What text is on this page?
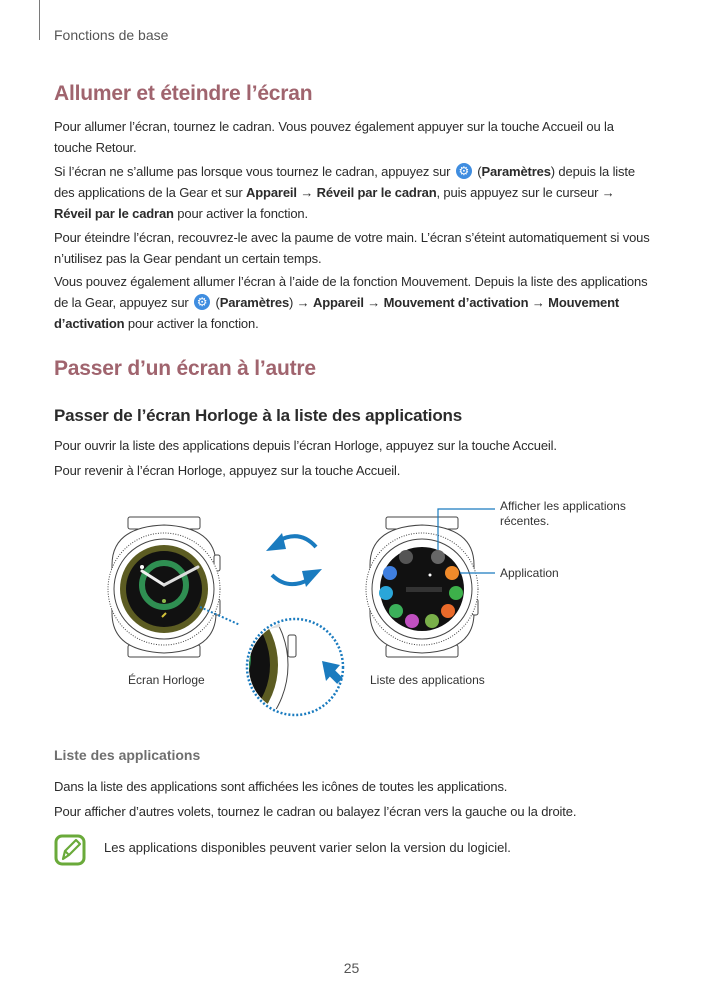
Fonctions de base
Allumer et éteindre l’écran
Pour allumer l’écran, tournez le cadran. Vous pouvez également appuyer sur la touche Accueil ou la touche Retour.
Si l’écran ne s’allume pas lorsque vous tournez le cadran, appuyez sur ⚙ (Paramètres) depuis la liste des applications de la Gear et sur Appareil → Réveil par le cadran, puis appuyez sur le curseur → Réveil par le cadran pour activer la fonction.
Pour éteindre l’écran, recouvrez-le avec la paume de votre main. L’écran s’éteint automatiquement si vous n’utilisez pas la Gear pendant un certain temps.
Vous pouvez également allumer l’écran à l’aide de la fonction Mouvement. Depuis la liste des applications de la Gear, appuyez sur ⚙ (Paramètres) → Appareil → Mouvement d’activation → Mouvement d’activation pour activer la fonction.
Passer d’un écran à l’autre
Passer de l’écran Horloge à la liste des applications
Pour ouvrir la liste des applications depuis l’écran Horloge, appuyez sur la touche Accueil.
Pour revenir à l’écran Horloge, appuyez sur la touche Accueil.
Afficher les applications récentes.
Application
Écran Horloge	Liste des applications
Liste des applications
Dans la liste des applications sont affichées les icônes de toutes les applications.
Pour afficher d’autres volets, tournez le cadran ou balayez l’écran vers la gauche ou la droite.
Les applications disponibles peuvent varier selon la version du logiciel.
25
